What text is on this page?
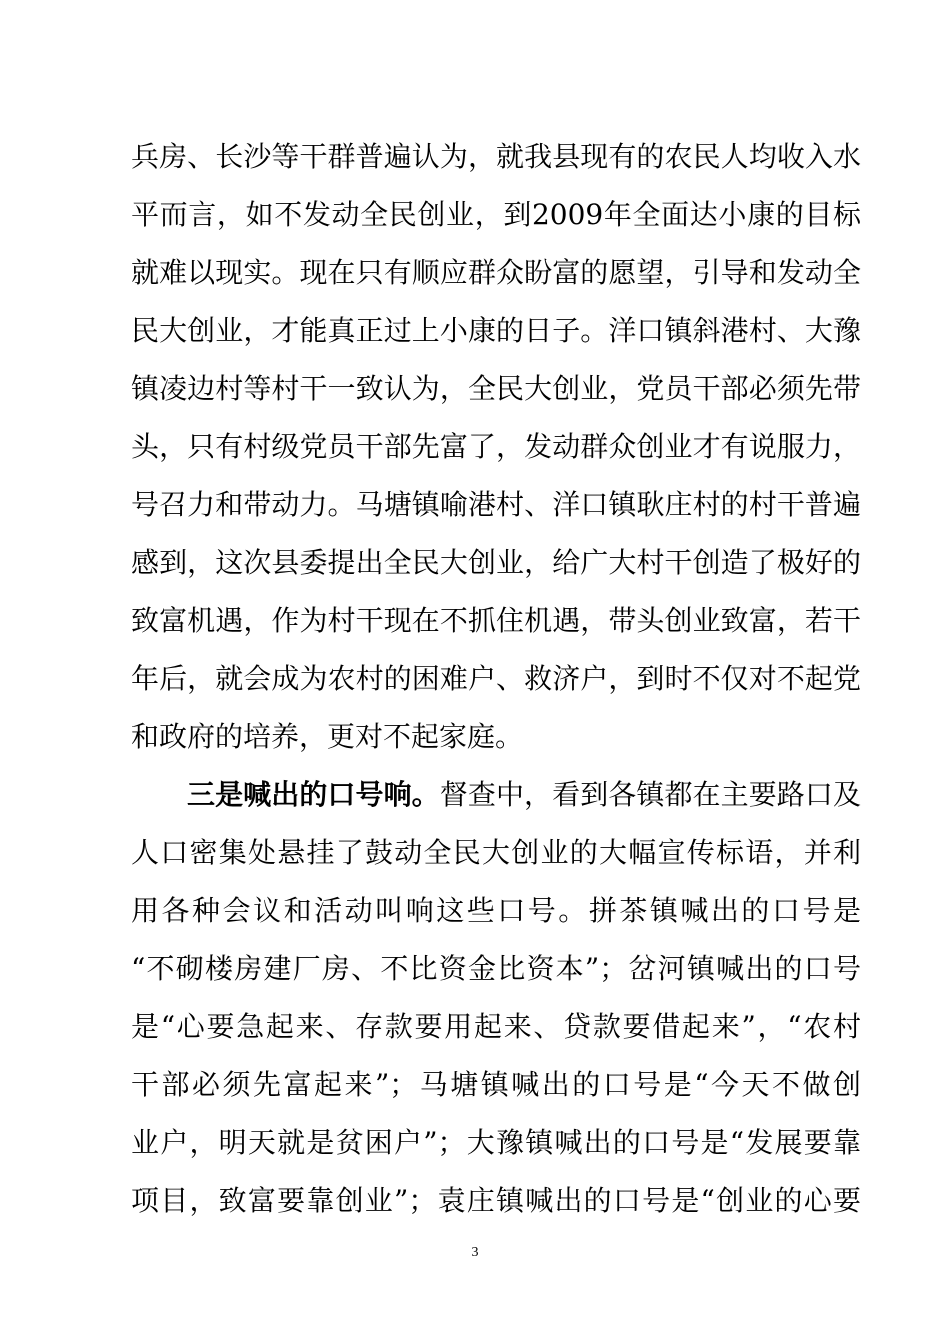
兵房、长沙等干群普遍认为，就我县现有的农民人均收入水
平而言，如不发动全民创业，到2009年全面达小康的目标
就难以现实。现在只有顺应群众盼富的愿望，引导和发动全
民大创业，才能真正过上小康的日子。洋口镇斜港村、大豫
镇凌边村等村干一致认为，全民大创业，党员干部必须先带
头，只有村级党员干部先富了，发动群众创业才有说服力，
号召力和带动力。马塘镇喻港村、洋口镇耿庄村的村干普遍
感到，这次县委提出全民大创业，给广大村干创造了极好的
致富机遇，作为村干现在不抓住机遇，带头创业致富，若干
年后，就会成为农村的困难户、救济户，到时不仅对不起党
和政府的培养，更对不起家庭。
三是喊出的口号响。督查中，看到各镇都在主要路口及
人口密集处悬挂了鼓动全民大创业的大幅宣传标语，并利
用各种会议和活动叫响这些口号。拼茶镇喊出的口号是
“不砌楼房建厂房、不比资金比资本”；岔河镇喊出的口号
是“心要急起来、存款要用起来、贷款要借起来”，“农村
干部必须先富起来”；马塘镇喊出的口号是“今天不做创
业户，明天就是贫困户”；大豫镇喊出的口号是“发展要靠
项目，致富要靠创业”；袁庄镇喊出的口号是“创业的心要
3
